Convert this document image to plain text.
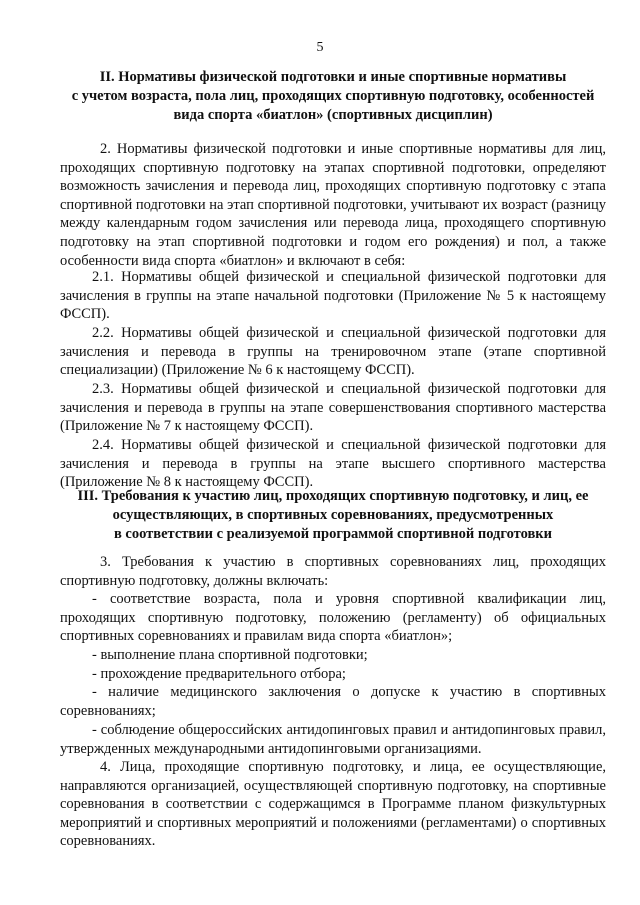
5
II. Нормативы физической подготовки и иные спортивные нормативы
с учетом возраста, пола лиц, проходящих спортивную подготовку, особенностей
вида спорта «биатлон» (спортивных дисциплин)
2. Нормативы физической подготовки и иные спортивные нормативы для лиц, проходящих спортивную подготовку на этапах спортивной подготовки, определяют возможность зачисления и перевода лиц, проходящих спортивную подготовку с этапа спортивной подготовки на этап спортивной подготовки, учитывают их возраст (разницу между календарным годом зачисления или перевода лица, проходящего спортивную подготовку на этап спортивной подготовки и годом его рождения) и пол, а также особенности вида спорта «биатлон» и включают в себя:
2.1. Нормативы общей физической и специальной физической подготовки для зачисления в группы на этапе начальной подготовки (Приложение № 5 к настоящему ФССП).
2.2. Нормативы общей физической и специальной физической подготовки для зачисления и перевода в группы на тренировочном этапе (этапе спортивной специализации) (Приложение № 6 к настоящему ФССП).
2.3. Нормативы общей физической и специальной физической подготовки для зачисления и перевода в группы на этапе совершенствования спортивного мастерства (Приложение № 7 к настоящему ФССП).
2.4. Нормативы общей физической и специальной физической подготовки для зачисления и перевода в группы на этапе высшего спортивного мастерства (Приложение № 8 к настоящему ФССП).
III. Требования к участию лиц, проходящих спортивную подготовку, и лиц, ее
осуществляющих, в спортивных соревнованиях, предусмотренных
в соответствии с реализуемой программой спортивной подготовки
3. Требования к участию в спортивных соревнованиях лиц, проходящих спортивную подготовку, должны включать:
- соответствие возраста, пола и уровня спортивной квалификации лиц, проходящих спортивную подготовку, положению (регламенту) об официальных спортивных соревнованиях и правилам вида спорта «биатлон»;
- выполнение плана спортивной подготовки;
- прохождение предварительного отбора;
- наличие медицинского заключения о допуске к участию в спортивных соревнованиях;
- соблюдение общероссийских антидопинговых правил и антидопинговых правил, утвержденных международными антидопинговыми организациями.
4. Лица, проходящие спортивную подготовку, и лица, ее осуществляющие, направляются организацией, осуществляющей спортивную подготовку, на спортивные соревнования в соответствии с содержащимся в Программе планом физкультурных мероприятий и спортивных мероприятий и положениями (регламентами) о спортивных соревнованиях.
